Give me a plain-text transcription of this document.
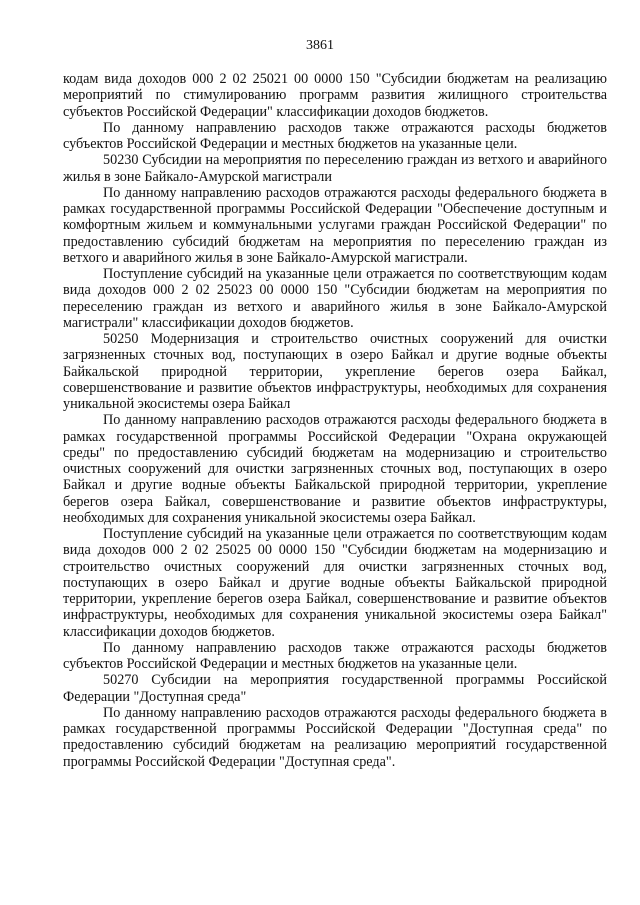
3861

кодам вида доходов 000 2 02 25021 00 0000 150 "Субсидии бюджетам на реализацию мероприятий по стимулированию программ развития жилищного строительства субъектов Российской Федерации" классификации доходов бюджетов.

По данному направлению расходов также отражаются расходы бюджетов субъектов Российской Федерации и местных бюджетов на указанные цели.

50230 Субсидии на мероприятия по переселению граждан из ветхого и аварийного жилья в зоне Байкало-Амурской магистрали

По данному направлению расходов отражаются расходы федерального бюджета в рамках государственной программы Российской Федерации "Обеспечение доступным и комфортным жильем и коммунальными услугами граждан Российской Федерации" по предоставлению субсидий бюджетам на мероприятия по переселению граждан из ветхого и аварийного жилья в зоне Байкало-Амурской магистрали.

Поступление субсидий на указанные цели отражается по соответствующим кодам вида доходов 000 2 02 25023 00 0000 150 "Субсидии бюджетам на мероприятия по переселению граждан из ветхого и аварийного жилья в зоне Байкало-Амурской магистрали" классификации доходов бюджетов.

50250 Модернизация и строительство очистных сооружений для очистки загрязненных сточных вод, поступающих в озеро Байкал и другие водные объекты Байкальской природной территории, укрепление берегов озера Байкал, совершенствование и развитие объектов инфраструктуры, необходимых для сохранения уникальной экосистемы озера Байкал

По данному направлению расходов отражаются расходы федерального бюджета в рамках государственной программы Российской Федерации "Охрана окружающей среды" по предоставлению субсидий бюджетам на модернизацию и строительство очистных сооружений для очистки загрязненных сточных вод, поступающих в озеро Байкал и другие водные объекты Байкальской природной территории, укрепление берегов озера Байкал, совершенствование и развитие объектов инфраструктуры, необходимых для сохранения уникальной экосистемы озера Байкал.

Поступление субсидий на указанные цели отражается по соответствующим кодам вида доходов 000 2 02 25025 00 0000 150 "Субсидии бюджетам на модернизацию и строительство очистных сооружений для очистки загрязненных сточных вод, поступающих в озеро Байкал и другие водные объекты Байкальской природной территории, укрепление берегов озера Байкал, совершенствование и развитие объектов инфраструктуры, необходимых для сохранения уникальной экосистемы озера Байкал" классификации доходов бюджетов.

По данному направлению расходов также отражаются расходы бюджетов субъектов Российской Федерации и местных бюджетов на указанные цели.

50270 Субсидии на мероприятия государственной программы Российской Федерации "Доступная среда"

По данному направлению расходов отражаются расходы федерального бюджета в рамках государственной программы Российской Федерации "Доступная среда" по предоставлению субсидий бюджетам на реализацию мероприятий государственной программы Российской Федерации "Доступная среда".
